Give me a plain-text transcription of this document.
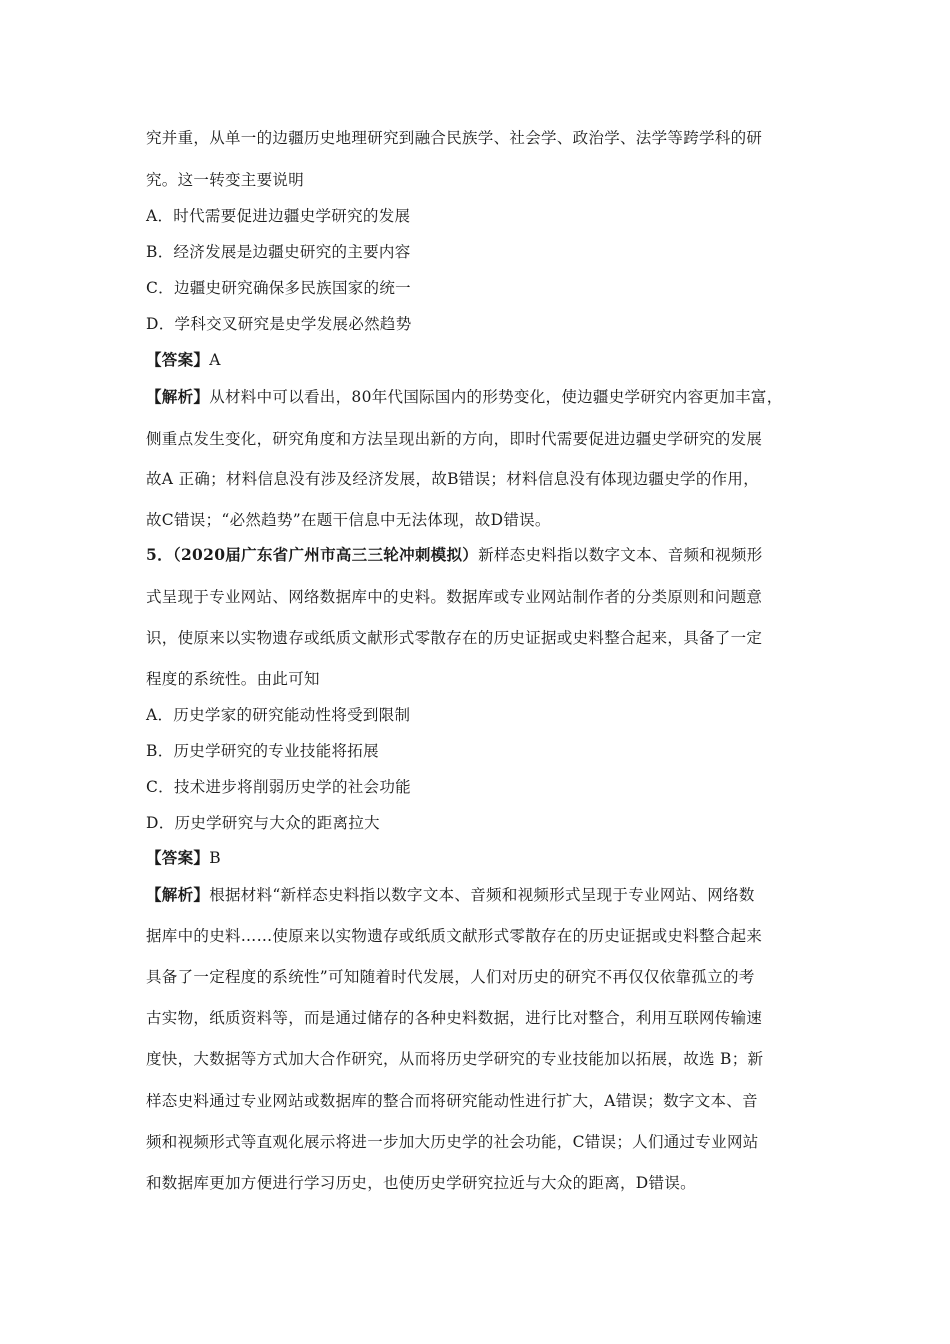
究并重，从单一的边疆历史地理研究到融合民族学、社会学、政治学、法学等跨学科的研
究。这一转变主要说明
A．时代需要促进边疆史学研究的发展
B．经济发展是边疆史研究的主要内容
C．边疆史研究确保多民族国家的统一
D．学科交叉研究是史学发展必然趋势
【答案】A
【解析】从材料中可以看出，80年代国际国内的形势变化，使边疆史学研究内容更加丰富，
侧重点发生变化，研究角度和方法呈现出新的方向，即时代需要促进边疆史学研究的发展
故A 正确；材料信息没有涉及经济发展，故B错误；材料信息没有体现边疆史学的作用，
故C错误；“必然趋势”在题干信息中无法体现，故D错误。
5．（2020届广东省广州市高三三轮冲刺模拟）新样态史料指以数字文本、音频和视频形
式呈现于专业网站、网络数据库中的史料。数据库或专业网站制作者的分类原则和问题意
识，使原来以实物遗存或纸质文献形式零散存在的历史证据或史料整合起来，具备了一定
程度的系统性。由此可知
A．历史学家的研究能动性将受到限制
B．历史学研究的专业技能将拓展
C．技术进步将削弱历史学的社会功能
D．历史学研究与大众的距离拉大
【答案】B
【解析】根据材料“新样态史料指以数字文本、音频和视频形式呈现于专业网站、网络数
据库中的史料……使原来以实物遗存或纸质文献形式零散存在的历史证据或史料整合起来
具备了一定程度的系统性”可知随着时代发展，人们对历史的研究不再仅仅依靠孤立的考
古实物，纸质资料等，而是通过储存的各种史料数据，进行比对整合，利用互联网传输速
度快，大数据等方式加大合作研究，从而将历史学研究的专业技能加以拓展，故选 B；新
样态史料通过专业网站或数据库的整合而将研究能动性进行扩大，A错误；数字文本、音
频和视频形式等直观化展示将进一步加大历史学的社会功能，C错误；人们通过专业网站
和数据库更加方便进行学习历史，也使历史学研究拉近与大众的距离，D错误。
